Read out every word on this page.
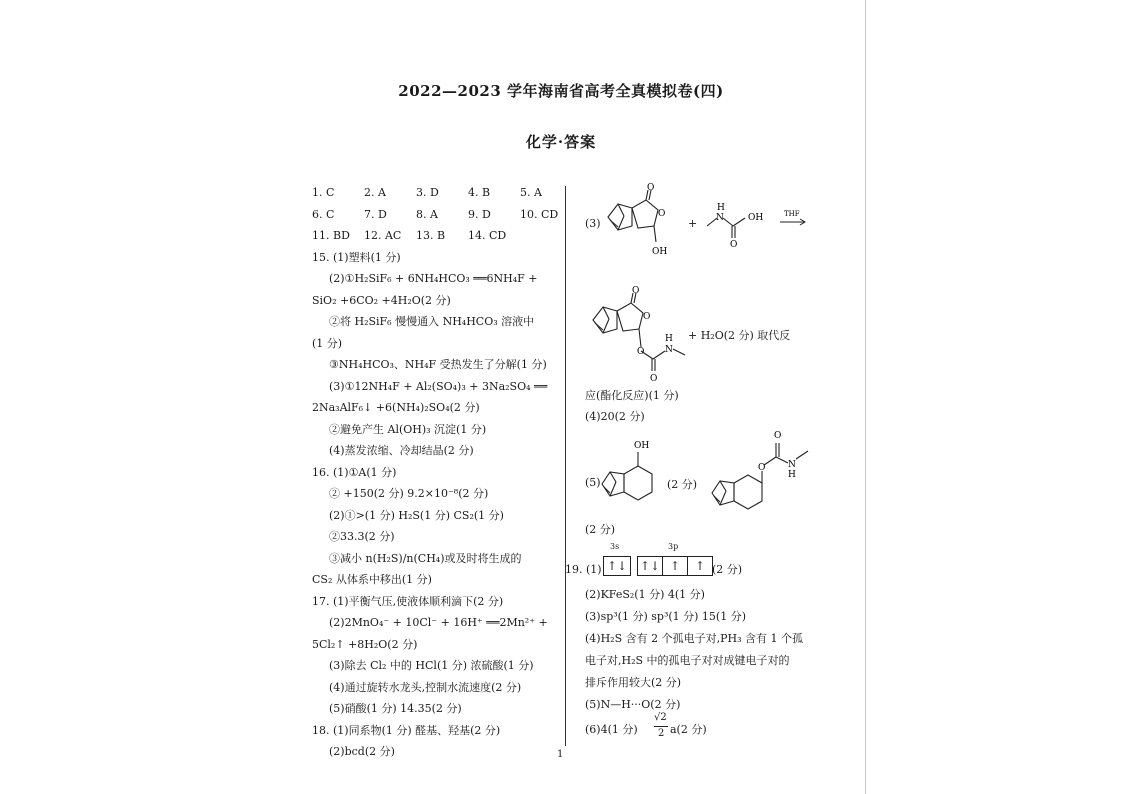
2022—2023 学年海南省高考全真模拟卷(四)
化学·答案
1. C	2. A	3. D	4. B	5. A
6. C	7. D	8. A	9. D	10. CD
11. BD 12. AC 13. B 14. CD
15. (1)塑料(1 分)
(2)①H₂SiF₆ + 6NH₄HCO₃ ══6NH₄F +
SiO₂ +6CO₂ +4H₂O(2 分)
②将 H₂SiF₆ 慢慢通入 NH₄HCO₃ 溶液中
(1 分)
③NH₄HCO₃、NH₄F 受热发生了分解(1 分)
(3)①12NH₄F + Al₂(SO₄)₃ + 3Na₂SO₄ ══
2Na₃AlF₆↓ +6(NH₄)₂SO₄(2 分)
②避免产生 Al(OH)₃ 沉淀(1 分)
(4)蒸发浓缩、冷却结晶(2 分)
16. (1)①A(1 分)
② +150(2 分) 9.2×10⁻⁸(2 分)
(2)①>(1 分) H₂S(1 分) CS₂(1 分)
②33.3(2 分)
③减小 n(H₂S)/n(CH₄)或及时将生成的
CS₂ 从体系中移出(1 分)
17. (1)平衡气压,使液体顺利滴下(2 分)
(2)2MnO₄⁻ + 10Cl⁻ + 16H⁺ ══2Mn²⁺ +
5Cl₂↑ +8H₂O(2 分)
(3)除去 Cl₂ 中的 HCl(1 分) 浓硫酸(1 分)
(4)通过旋转水龙头,控制水流速度(2 分)
(5)硝酸(1 分) 14.35(2 分)
18. (1)同系物(1 分) 醛基、羟基(2 分)
(2)bcd(2 分)
(3)
O
O
OH
+
H
N	OH
O
THF
O
O
O
H
N
O
+ H₂O(2 分) 取代反
应(酯化反应)(1 分)
(4)20(2 分)
(5)
OH
(2 分)
O
O
N
H
(2 分)
19. (1)
3s	3p
↑↓ ↑↓ ↑	↑ (2 分)
(2)KFeS₂(1 分) 4(1 分)
(3)sp³(1 分) sp³(1 分) 15(1 分)
(4)H₂S 含有 2 个孤电子对,PH₃ 含有 1 个孤
电子对,H₂S 中的孤电子对对成键电子对的
排斥作用较大(2 分)
(5)N—H···O(2 分)
(6)4(1 分)
√2
2 a(2 分)
1
